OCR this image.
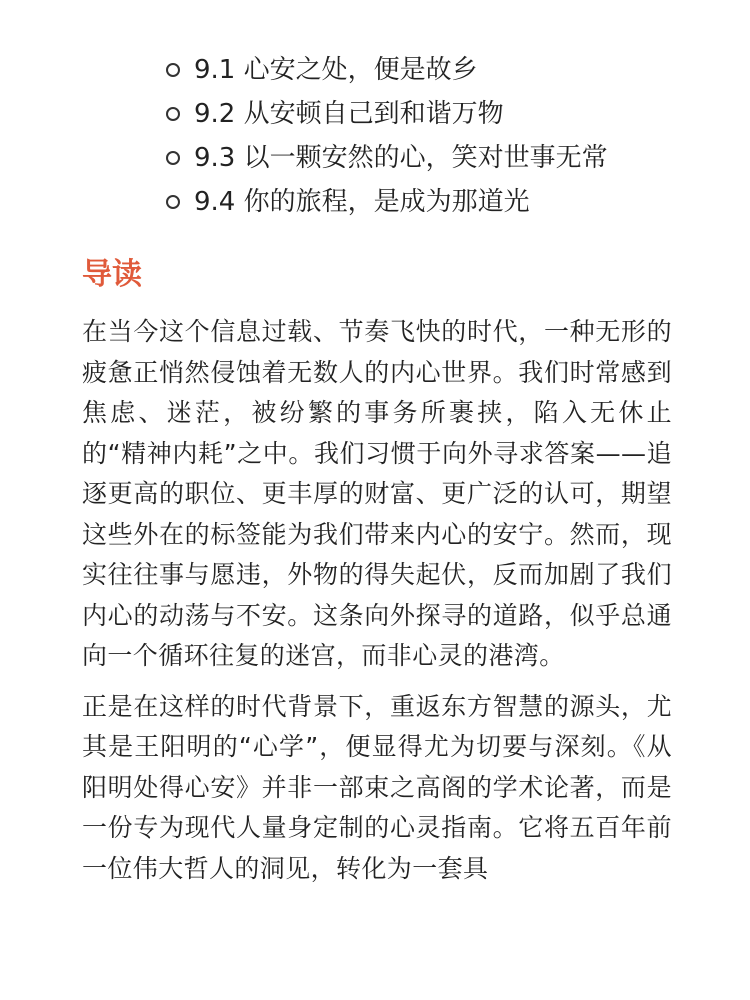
9.1 心安之处，便是故乡
9.2 从安顿自己到和谐万物
9.3 以一颗安然的心，笑对世事无常
9.4 你的旅程，是成为那道光
导读

在当今这个信息过载、节奏飞快的时代，一种无形的疲惫正悄然侵蚀着无数人的内心世界。我们时常感到焦虑、迷茫，被纷繁的事务所裹挟，陷入无休止的“精神内耗”之中。我们习惯于向外寻求答案——追逐更高的职位、更丰厚的财富、更广泛的认可，期望这些外在的标签能为我们带来内心的安宁。然而，现实往往事与愿违，外物的得失起伏，反而加剧了我们内心的动荡与不安。这条向外探寻的道路，似乎总通向一个循环往复的迷宫，而非心灵的港湾。

正是在这样的时代背景下，重返东方智慧的源头，尤其是王阳明的“心学”，便显得尤为切要与深刻。《从阳明处得心安》并非一部束之高阁的学术论著，而是一份专为现代人量身定制的心灵指南。它将五百年前一位伟大哲人的洞见，转化为一套具
